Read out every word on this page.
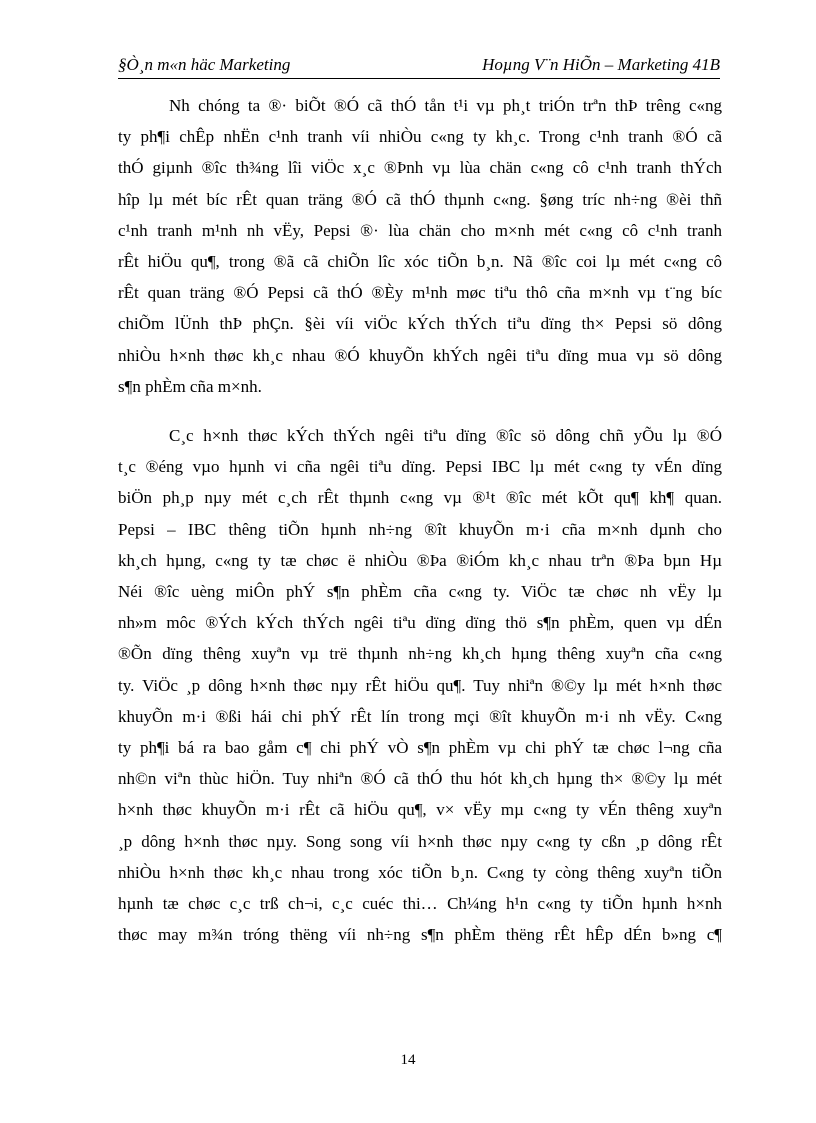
§Ò¸n m«n häc Marketing	Hoµng V¨n HiÕn – Marketing 41B
Nh chóng ta ®· biÕt ®Ó cã thÓ tån t¹i vµ ph¸t triÓn trªn thÞ trêng c«ng
ty ph¶i chÊp nhËn c¹nh tranh víi nhiÒu c«ng ty kh¸c. Trong c¹nh tranh ®Ó cã
thÓ giµnh ®îc th¾ng lîi viÖc x¸c ®Þnh vµ lùa chän c«ng cô c¹nh tranh thÝch
hîp lµ mét bíc rÊt quan träng ®Ó cã thÓ thµnh c«ng. §øng tríc nh÷ng ®èi thñ
c¹nh tranh m¹nh nh vËy, Pepsi ®· lùa chän cho m×nh mét c«ng cô c¹nh tranh
rÊt hiÖu qu¶, trong ®ã cã chiÕn lîc xóc tiÕn b¸n. Nã ®îc coi lµ mét c«ng cô
rÊt quan träng ®Ó Pepsi cã thÓ ®Èy m¹nh møc tiªu thô cña m×nh vµ t¨ng bíc
chiÕm lÜnh thÞ phÇn. §èi víi viÖc kÝch thÝch tiªu dïng th× Pepsi sö dông
nhiÒu h×nh thøc kh¸c nhau ®Ó khuyÕn khÝch ngêi tiªu dïng mua vµ sö dông
s¶n phÈm cña m×nh.
C¸c h×nh thøc kÝch thÝch ngêi tiªu dïng ®îc sö dông chñ yÕu lµ ®Ó
t¸c ®éng vµo hµnh vi cña ngêi tiªu dïng. Pepsi IBC lµ mét c«ng ty vÉn dïng
biÖn ph¸p nµy mét c¸ch rÊt thµnh c«ng vµ ®¹t ®îc mét kÕt qu¶ kh¶ quan.
Pepsi – IBC thêng tiÕn hµnh nh÷ng ®ît khuyÕn m·i cña m×nh dµnh cho
kh¸ch hµng, c«ng ty tæ chøc ë nhiÒu ®Þa ®iÓm kh¸c nhau trªn ®Þa bµn Hµ
Néi ®îc uèng miÔn phÝ s¶n phÈm cña c«ng ty. ViÖc tæ chøc nh vËy lµ
nh»m môc ®Ých kÝch thÝch ngêi tiªu dïng dïng thö s¶n phÈm, quen vµ dÉn
®Õn dïng thêng xuyªn vµ trë thµnh nh÷ng kh¸ch hµng thêng xuyªn cña c«ng
ty. ViÖc ¸p dông h×nh thøc nµy rÊt hiÖu qu¶. Tuy nhiªn ®©y lµ mét h×nh thøc
khuyÕn m·i ®ßi hái chi phÝ rÊt lín trong mçi ®ît khuyÕn m·i nh vËy. C«ng
ty ph¶i bá ra bao gåm c¶ chi phÝ vÒ s¶n phÈm vµ chi phÝ tæ chøc l¬ng cña
nh©n viªn thùc hiÖn. Tuy nhiªn ®Ó cã thÓ thu hót kh¸ch hµng th× ®©y lµ mét
h×nh thøc khuyÕn m·i rÊt cã hiÖu qu¶, v× vËy mµ c«ng ty vÉn thêng xuyªn
¸p dông h×nh thøc nµy. Song song víi h×nh thøc nµy c«ng ty cßn ¸p dông rÊt
nhiÒu h×nh thøc kh¸c nhau trong xóc tiÕn b¸n. C«ng ty còng thêng xuyªn tiÕn
hµnh tæ chøc c¸c trß ch¬i, c¸c cuéc thi… Ch¼ng h¹n c«ng ty tiÕn hµnh h×nh
thøc may m¾n tróng thëng víi nh÷ng s¶n phÈm thëng rÊt hÊp dÉn b»ng c¶
14
